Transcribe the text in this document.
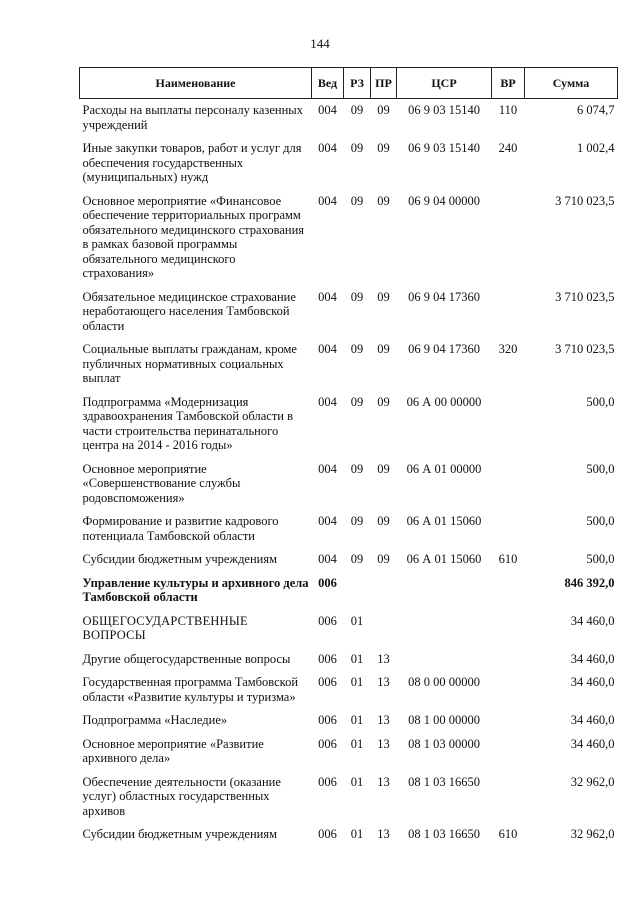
144
Наименование	Вед	РЗ	ПР	ЦСР	ВР	Сумма
Расходы на выплаты персоналу казенных учреждений	004	09	09	06 9 03 15140	110	6 074,7
Иные закупки товаров, работ и услуг для обеспечения государственных (муниципальных) нужд	004	09	09	06 9 03 15140	240	1 002,4
Основное мероприятие «Финансовое обеспечение территориальных программ обязательного медицинского страхования в рамках базовой программы обязательного медицинского страхования»	004	09	09	06 9 04 00000		3 710 023,5
Обязательное медицинское страхование неработающего населения Тамбовской области	004	09	09	06 9 04 17360		3 710 023,5
Социальные выплаты гражданам, кроме публичных нормативных социальных выплат	004	09	09	06 9 04 17360	320	3 710 023,5
Подпрограмма «Модернизация здравоохранения Тамбовской области в части строительства перинатального центра на 2014 - 2016 годы»	004	09	09	06 А 00 00000		500,0
Основное мероприятие «Совершенствование службы родовспоможения»	004	09	09	06 А 01 00000		500,0
Формирование и развитие кадрового потенциала Тамбовской области	004	09	09	06 А 01 15060		500,0
Субсидии бюджетным учреждениям	004	09	09	06 А 01 15060	610	500,0
Управление культуры и архивного дела Тамбовской области	006					846 392,0
ОБЩЕГОСУДАРСТВЕННЫЕ ВОПРОСЫ	006	01				34 460,0
Другие общегосударственные вопросы	006	01	13			34 460,0
Государственная программа Тамбовской области «Развитие культуры и туризма»	006	01	13	08 0 00 00000		34 460,0
Подпрограмма «Наследие»	006	01	13	08 1 00 00000		34 460,0
Основное мероприятие «Развитие архивного дела»	006	01	13	08 1 03 00000		34 460,0
Обеспечение деятельности (оказание услуг) областных государственных архивов	006	01	13	08 1 03 16650		32 962,0
Субсидии бюджетным учреждениям	006	01	13	08 1 03 16650	610	32 962,0
